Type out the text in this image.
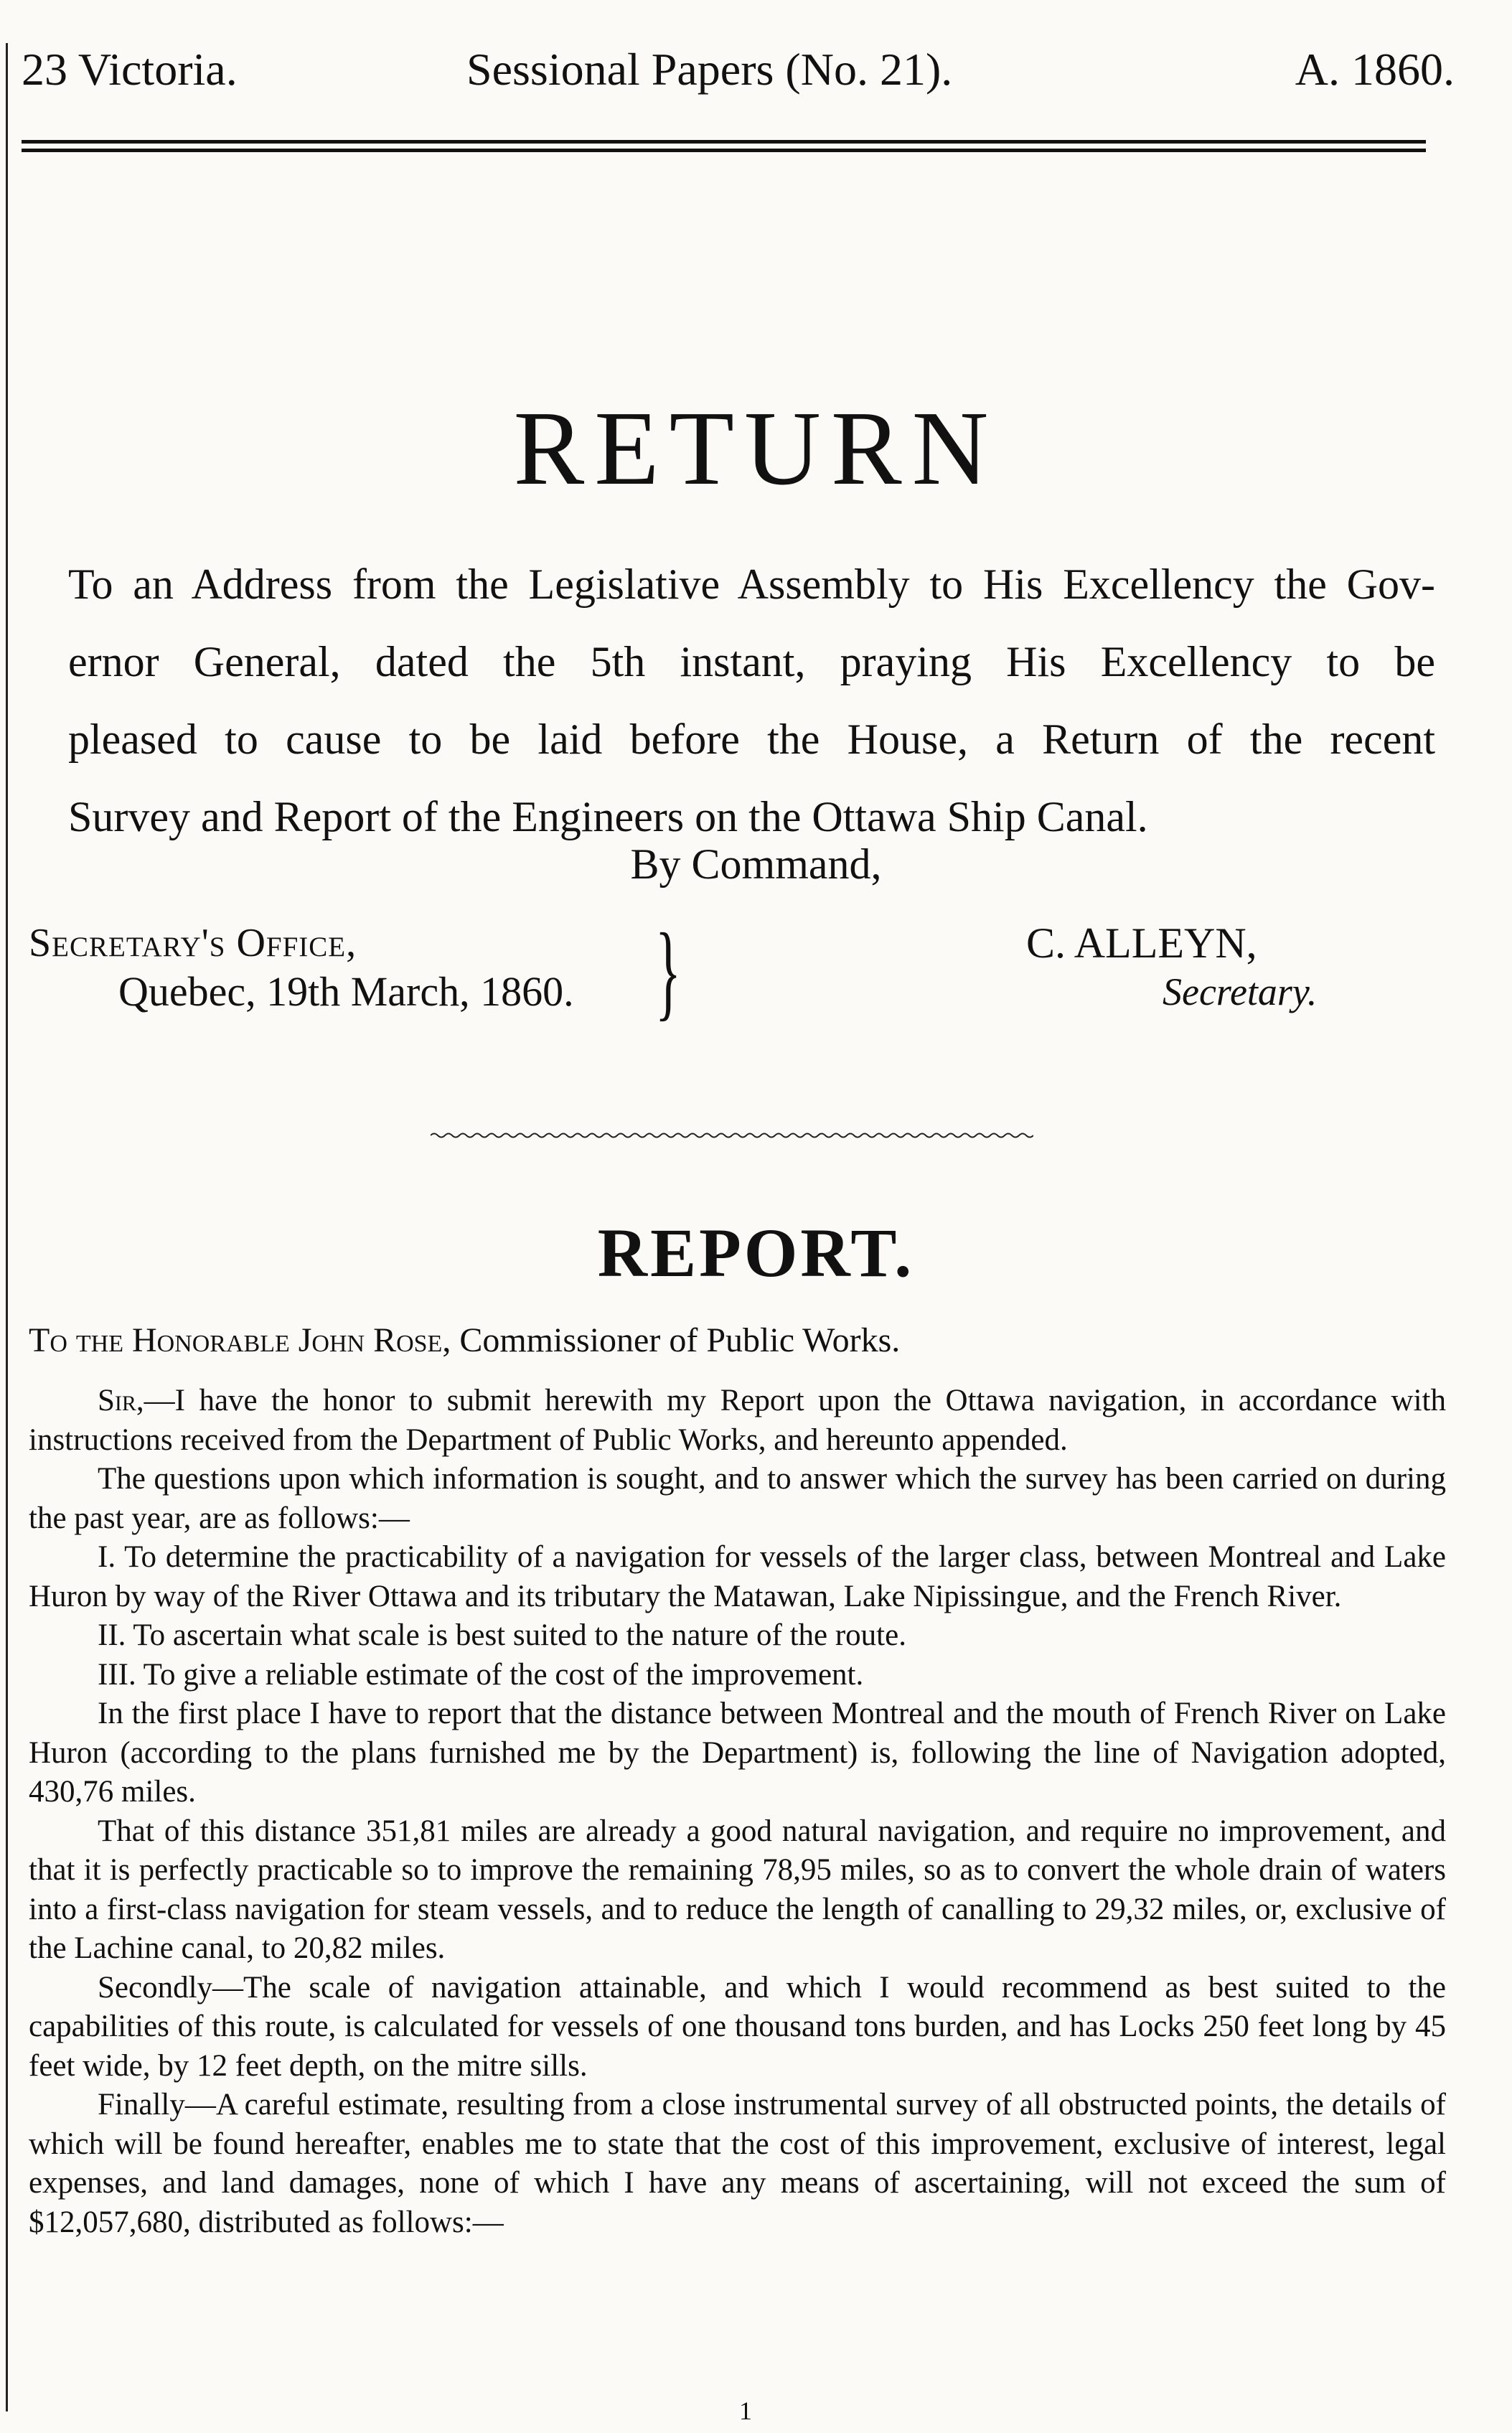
23 Victoria.	Sessional Papers (No. 21).	A. 1860.
RETURN

To an Address from the Legislative Assembly to His Excellency the Gov-

ernor General, dated the 5th instant, praying His Excellency to be

pleased to cause to be laid before the House, a Return of the recent

Survey and Report of the Engineers on the Ottawa Ship Canal.

By Command,
Secretary's Office,
Quebec, 19th March, 1860. }	C. ALLEYN,
Secretary.
REPORT.
To the Honorable John Rose, Commissioner of Public Works.

Sir,—I have the honor to submit herewith my Report upon the Ottawa navigation, in accordance with instructions received from the Department of Public Works, and hereunto appended.

The questions upon which information is sought, and to answer which the survey has been carried on during the past year, are as follows:—

I. To determine the practicability of a navigation for vessels of the larger class, between Montreal and Lake Huron by way of the River Ottawa and its tributary the Matawan, Lake Nipissingue, and the French River.

II. To ascertain what scale is best suited to the nature of the route.

III. To give a reliable estimate of the cost of the improvement.

In the first place I have to report that the distance between Montreal and the mouth of French River on Lake Huron (according to the plans furnished me by the Department) is, following the line of Navigation adopted, 430,76 miles.

That of this distance 351,81 miles are already a good natural navigation, and require no improvement, and that it is perfectly practicable so to improve the remaining 78,95 miles, so as to convert the whole drain of waters into a first-class navigation for steam vessels, and to reduce the length of canalling to 29,32 miles, or, exclusive of the Lachine canal, to 20,82 miles.

Secondly—The scale of navigation attainable, and which I would recommend as best suited to the capabilities of this route, is calculated for vessels of one thousand tons burden, and has Locks 250 feet long by 45 feet wide, by 12 feet depth, on the mitre sills.

Finally—A careful estimate, resulting from a close instrumental survey of all obstructed points, the details of which will be found hereafter, enables me to state that the cost of this improvement, exclusive of interest, legal expenses, and land damages, none of which I have any means of ascertaining, will not exceed the sum of $12,057,680, distributed as follows:—

1
